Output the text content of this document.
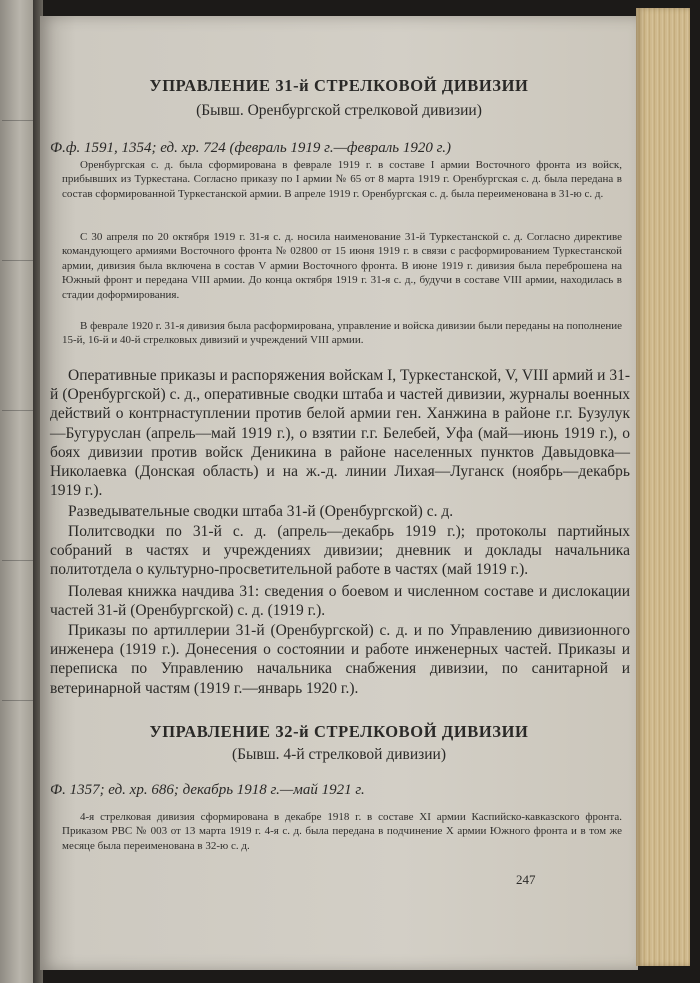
УПРАВЛЕНИЕ 31-й СТРЕЛКОВОЙ ДИВИЗИИ
(Бывш. Оренбургской стрелковой дивизии)
Ф.ф. 1591, 1354; ед. хр. 724 (февраль 1919 г.—февраль 1920 г.)

Оренбургская с. д. была сформирована в феврале 1919 г. в составе I армии Восточного фронта из войск, прибывших из Туркестана. Согласно приказу по I армии № 65 от 8 марта 1919 г. Оренбургская с. д. была передана в состав сформированной Туркестанской армии. В апреле 1919 г. Оренбургская с. д. была переименована в 31-ю с. д.

С 30 апреля по 20 октября 1919 г. 31-я с. д. носила наименование 31-й Туркестанской с. д. Согласно директиве командующего армиями Восточного фронта № 02800 от 15 июня 1919 г. в связи с расформированием Туркестанской армии, дивизия была включена в состав V армии Восточного фронта. В июне 1919 г. дивизия была переброшена на Южный фронт и передана VIII армии. До конца октября 1919 г. 31-я с. д., будучи в составе VIII армии, находилась в стадии доформирования.

В феврале 1920 г. 31-я дивизия была расформирована, управление и войска дивизии были переданы на пополнение 15-й, 16-й и 40-й стрелковых дивизий и учреждений VIII армии.

Оперативные приказы и распоряжения войскам I, Туркестанской, V, VIII армий и 31-й (Оренбургской) с. д., оперативные сводки штаба и частей дивизии, журналы военных действий о контрнаступлении против белой армии ген. Ханжина в районе г.г. Бузулук—Бугуруслан (апрель—май 1919 г.), о взятии г.г. Белебей, Уфа (май—июнь 1919 г.), о боях дивизии против войск Деникина в районе населенных пунктов Давыдовка—Николаевка (Донская область) и на ж.-д. линии Лихая—Луганск (ноябрь—декабрь 1919 г.).

Разведывательные сводки штаба 31-й (Оренбургской) с. д.

Политсводки по 31-й с. д. (апрель—декабрь 1919 г.); протоколы партийных собраний в частях и учреждениях дивизии; дневник и доклады начальника политотдела о культурно-просветительной работе в частях (май 1919 г.).

Полевая книжка начдива 31: сведения о боевом и численном составе и дислокации частей 31-й (Оренбургской) с. д. (1919 г.).

Приказы по артиллерии 31-й (Оренбургской) с. д. и по Управлению дивизионного инженера (1919 г.). Донесения о состоянии и работе инженерных частей. Приказы и переписка по Управлению начальника снабжения дивизии, по санитарной и ветеринарной частям (1919 г.—январь 1920 г.).

УПРАВЛЕНИЕ 32-й СТРЕЛКОВОЙ ДИВИЗИИ
(Бывш. 4-й стрелковой дивизии)
Ф. 1357; ед. хр. 686; декабрь 1918 г.—май 1921 г.

4-я стрелковая дивизия сформирована в декабре 1918 г. в составе XI армии Каспийско-кавказского фронта. Приказом РВС № 003 от 13 марта 1919 г. 4-я с. д. была передана в подчинение X армии Южного фронта и в том же месяце была переименована в 32-ю с. д.

247
